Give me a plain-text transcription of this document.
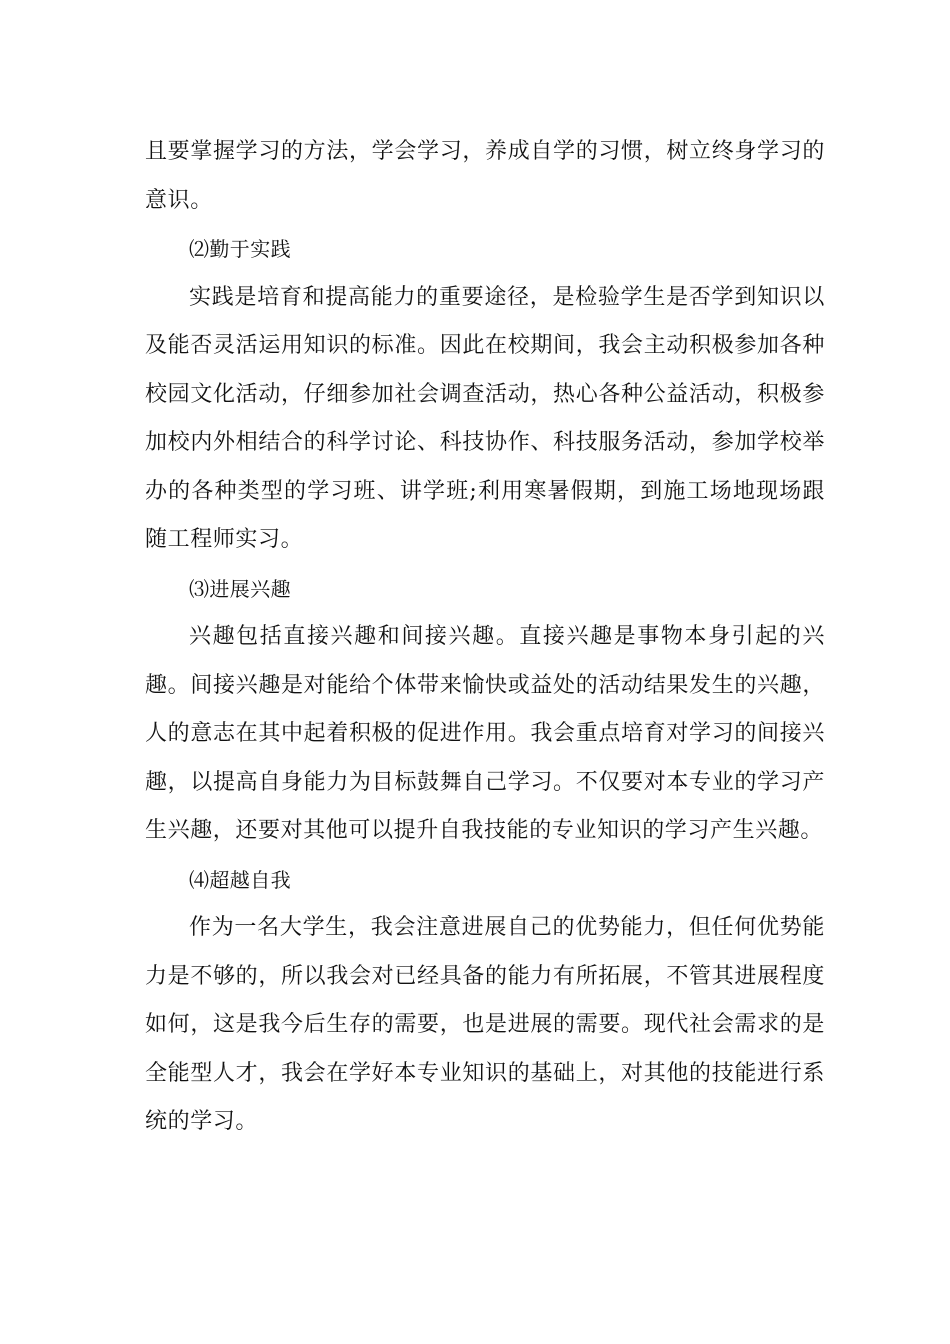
且要掌握学习的方法，学会学习，养成自学的习惯，树立终身学习的意识。

⑵勤于实践

实践是培育和提高能力的重要途径，是检验学生是否学到知识以及能否灵活运用知识的标准。因此在校期间，我会主动积极参加各种校园文化活动，仔细参加社会调查活动，热心各种公益活动，积极参加校内外相结合的科学讨论、科技协作、科技服务活动，参加学校举办的各种类型的学习班、讲学班;利用寒暑假期，到施工场地现场跟随工程师实习。

⑶进展兴趣

兴趣包括直接兴趣和间接兴趣。直接兴趣是事物本身引起的兴趣。间接兴趣是对能给个体带来愉快或益处的活动结果发生的兴趣，人的意志在其中起着积极的促进作用。我会重点培育对学习的间接兴趣，以提高自身能力为目标鼓舞自己学习。不仅要对本专业的学习产生兴趣，还要对其他可以提升自我技能的专业知识的学习产生兴趣。

⑷超越自我

作为一名大学生，我会注意进展自己的优势能力，但任何优势能力是不够的，所以我会对已经具备的能力有所拓展，不管其进展程度如何，这是我今后生存的需要，也是进展的需要。现代社会需求的是全能型人才，我会在学好本专业知识的基础上，对其他的技能进行系统的学习。
